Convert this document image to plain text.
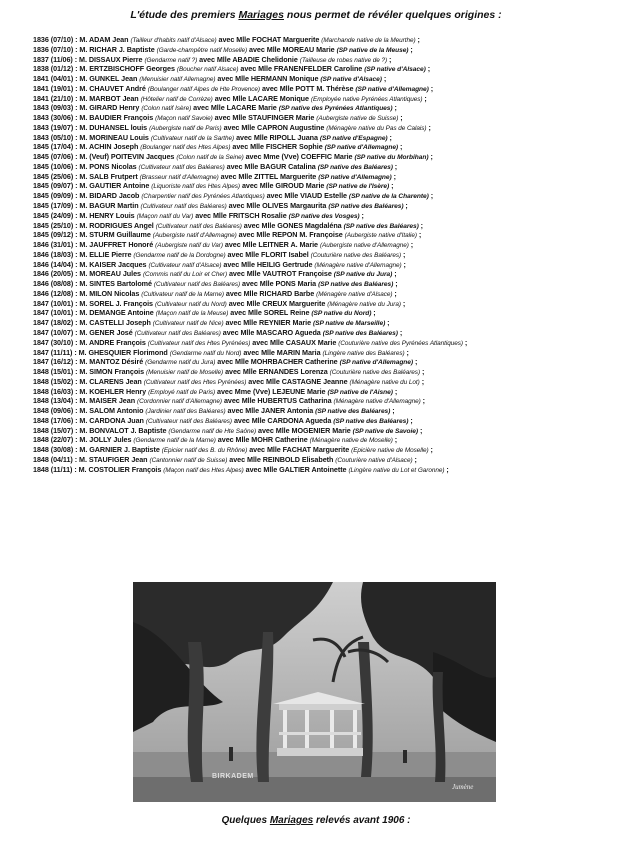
L'étude des premiers Mariages nous permet de révéler quelques origines :
1836 (07/10) : M. ADAM Jean (Tailleur d'habits natif d'Alsace) avec Mlle FOCHAT Marguerite (Marchande native de la Meurthe) ;
1836 (07/10) : M. RICHAR J. Baptiste (Garde-champêtre natif Moselle) avec Mlle MOREAU Marie (SP native de la Meuse) ;
1837 (11/06) : M. DISSAUX Pierre (Gendarme natif ?) avec Mlle ABADIE Chelidonie (Tailleuse de robes native de ?) ;
1838 (01/12) : M. ERTZBISCHOFF Georges (Boucher natif Alsace) avec Mlle FRANENFELDER Caroline (SP native d'Alsace) ;
1841 (04/01) : M. GUNKEL Jean (Menuisier natif Allemagne) avec Mlle HERMANN Monique (SP native d'Alsace) ;
1841 (19/01) : M. CHAUVET André (Boulanger natif Alpes de Hte Provence) avec Mlle POTT M. Thérèse (SP native d'Allemagne) ;
1841 (21/10) : M. MARBOT Jean (Hôtelier natif de Corrèze) avec Mlle LACARE Monique (Employée native Pyrénées Atlantiques) ;
1843 (09/03) : M. GIRARD Henry (Colon natif Isère) avec Mlle LACARE Marie (SP native des Pyrénées Atlantiques) ;
1843 (30/06) : M. BAUDIER François (Maçon natif Savoie) avec Mlle STAUFINGER Marie (Aubergiste native de Suisse) ;
1843 (19/07) : M. DUHANSEL louis (Aubergiste natif de Paris) avec Mlle CAPRON Augustine (Ménagère native du Pas de Calais) ;
1843 (05/10) : M. MORINEAU Louis (Cultivateur natif de la Sarthe) avec Mlle RIPOLL Juana (SP native d'Espagne) ;
1845 (17/04) : M. ACHIN Joseph (Boulanger natif des Htes Alpes) avec Mlle FISCHER Sophie (SP native d'Allemagne) ;
1845 (07/06) : M. (Veuf) POITEVIN Jacques (Colon natif de la Seine) avec Mme (Vve) COEFFIC Marie (SP native du Morbihan) ;
1845 (10/06) : M. PONS Nicolas (Cultivateur natif des Baléares) avec Mlle BAGUR Catalina (SP native des Baléares) ;
1845 (25/06) : M. SALB Frutpert (Brasseur natif d'Allemagne) avec Mlle ZITTEL Marguerite (SP native d'Allemagne) ;
1845 (09/07) : M. GAUTIER Antoine (Liquoriste natif des Htes Alpes) avec Mlle GIROUD Marie (SP native de l'Isère) ;
1845 (09/09) : M. BIDARD Jacob (Charpentier natif des Pyrénées Atlantiques) avec Mlle VIAUD Estelle (SP native de la Charente) ;
1845 (17/09) : M. BAGUR Martin (Cultivateur natif des Baléares) avec Mlle OLIVES Margaurita (SP native des Baléares) ;
1845 (24/09) : M. HENRY Louis (Maçon natif du Var) avec Mlle FRITSCH Rosalie (SP native des Vosges) ;
1845 (25/10) : M. RODRIGUES Angel (Cultivateur natif des Baléares) avec Mlle GONES Magdaléna (SP native des Baléares) ;
1845 (09/12) : M. STURM Guillaume (Aubergiste natif d'Allemagne) avec Mlle REPON M. Françoise (Aubergiste native d'Italie) ;
1846 (31/01) : M. JAUFFRET Honoré (Aubergiste natif du Var) avec Mlle LEITNER A. Marie (Aubergiste native d'Allemagne) ;
1846 (18/03) : M. ELLIE Pierre (Gendarme natif de la Dordogne) avec Mlle FLORIT Isabel (Couturière native des Baléares) ;
1846 (14/04) : M. KAISER Jacques (Cultivateur natif d'Alsace) avec Mlle HEILIG Gertrude (Ménagère native d'Allemagne) ;
1846 (20/05) : M. MOREAU Jules (Commis natif du Loir et Cher) avec Mlle VAUTROT Françoise (SP native du Jura) ;
1846 (08/08) : M. SINTES Bartolomé (Cultivateur natif des Baléares) avec Mlle PONS Maria (SP native des Baléares) ;
1846 (12/08) : M. MILON Nicolas (Cultivateur natif de la Marne) avec Mlle RICHARD Barbe (Ménagère native d'Alsace) ;
1847 (10/01) : M. SOREL J. François (Cultivateur natif du Nord) avec Mlle CREUX Marguerite (Ménagère native du Jura) ;
1847 (10/01) : M. DEMANGE Antoine (Maçon natif de la Meuse) avec Mlle SOREL Reine (SP native du Nord) ;
1847 (18/02) : M. CASTELLI Joseph (Cultivateur natif de Nice) avec Mlle REYNIER Marie (SP native de Marseille) ;
1847 (10/07) : M. GENER José (Cultivateur natif des Baléares) avec Mlle MASCARO Agueda (SP native des Baléares) ;
1847 (30/10) : M. ANDRE François (Cultivateur natif des Htes Pyrénées) avec Mlle CASAUX Marie (Couturière native des Pyrénées Atlantiques) ;
1847 (11/11) : M. GHESQUIER Florimond (Gendarme natif du Nord) avec Mlle MARIN Maria (Lingère native des Baléares) ;
1847 (16/12) : M. MANTOZ Désiré (Gendarme natif du Jura) avec Mlle MOHRBACHER Catherine (SP native d'Allemagne) ;
1848 (15/01) : M. SIMON François (Menuisier natif de Moselle) avec Mlle ERNANDES Lorenza (Couturière native des Baléares) ;
1848 (15/02) : M. CLARENS Jean (Cultivateur natif des Htes Pyrénées) avec Mlle CASTAGNE Jeanne (Ménagère native du Lot) ;
1848 (16/03) : M. KOEHLER Henry (Employé natif de Paris) avec Mme (Vve) LEJEUNE Marie (SP native de l'Aisne) ;
1848 (13/04) : M. MAISER Jean (Cordonnier natif d'Allemagne) avec Mlle HUBERTUS Catharina (Ménagère native d'Allemagne) ;
1848 (09/06) : M. SALOM Antonio (Jardinier natif des Baléares) avec Mlle JANER Antonia (SP native des Baléares) ;
1848 (17/06) : M. CARDONA Juan (Cultivateur natif des Baléares) avec Mlle CARDONA Agueda (SP native des Baléares) ;
1848 (15/07) : M. BONVALOT J. Baptiste (Gendarme natif de Hte Saône) avec Mlle MOGENIER Marie (SP native de Savoie) ;
1848 (22/07) : M. JOLLY Jules (Gendarme natif de la Marne) avec Mlle MOHR Catherine (Ménagère native de Moselle) ;
1848 (30/08) : M. GARNIER J. Baptiste (Epicier natif des B. du Rhône) avec Mlle FACHAT Marguerite (Epicière native de Moselle) ;
1848 (04/11) : M. STAUFIGER Jean (Cantonnier natif de Suisse) avec Mlle REINBOLD Elisabeth (Couturière native d'Alsace) ;
1848 (11/11) : M. COSTOLIER François (Maçon natif des Htes Alpes) avec Mlle GALTIER Antoinette (Lingère native du Lot et Garonne) ;
BIRKADEM
Jumène
Quelques Mariages relevés avant 1906 :
